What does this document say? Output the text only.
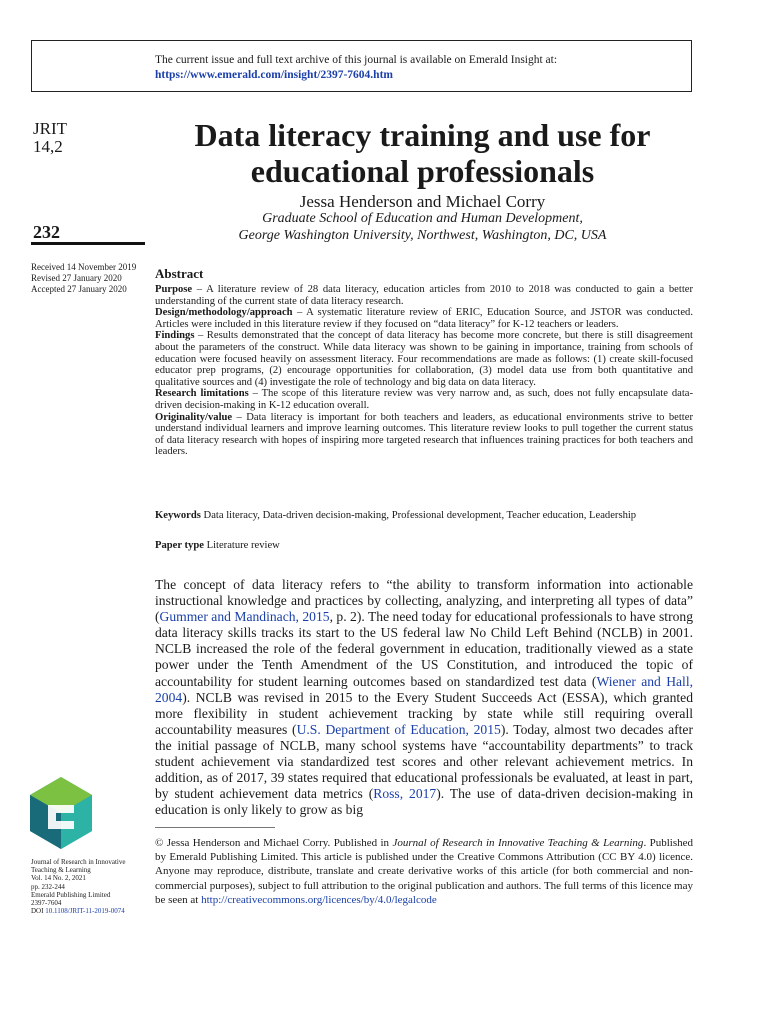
The current issue and full text archive of this journal is available on Emerald Insight at:
https://www.emerald.com/insight/2397-7604.htm
JRIT
14,2
232
Received 14 November 2019
Revised 27 January 2020
Accepted 27 January 2020
Data literacy training and use for
educational professionals
Jessa Henderson and Michael Corry
Graduate School of Education and Human Development,
George Washington University, Northwest, Washington, DC, USA
Abstract

Purpose – A literature review of 28 data literacy, education articles from 2010 to 2018 was conducted to gain a better understanding of the current state of data literacy research.

Design/methodology/approach – A systematic literature review of ERIC, Education Source, and JSTOR was conducted. Articles were included in this literature review if they focused on “data literacy” for K-12 teachers or leaders.

Findings – Results demonstrated that the concept of data literacy has become more concrete, but there is still disagreement about the parameters of the construct. While data literacy was shown to be gaining in importance, training from schools of education were focused heavily on assessment literacy. Four recommendations are made as follows: (1) create skill-focused educator prep programs, (2) encourage opportunities for collaboration, (3) model data use from both quantitative and qualitative sources and (4) investigate the role of technology and big data on data literacy.

Research limitations – The scope of this literature review was very narrow and, as such, does not fully encapsulate data-driven decision-making in K-12 education overall.

Originality/value – Data literacy is important for both teachers and leaders, as educational environments strive to better understand individual learners and improve learning outcomes. This literature review looks to pull together the current status of data literacy research with hopes of inspiring more targeted research that influences training practices for both teachers and leaders.

Keywords Data literacy, Data-driven decision-making, Professional development, Teacher education, Leadership
Paper type Literature review
The concept of data literacy refers to “the ability to transform information into actionable instructional knowledge and practices by collecting, analyzing, and interpreting all types of data” (Gummer and Mandinach, 2015, p. 2). The need today for educational professionals to have strong data literacy skills tracks its start to the US federal law No Child Left Behind (NCLB) in 2001. NCLB increased the role of the federal government in education, traditionally viewed as a state power under the Tenth Amendment of the US Constitution, and introduced the topic of accountability for student learning outcomes based on standardized test data (Wiener and Hall, 2004). NCLB was revised in 2015 to the Every Student Succeeds Act (ESSA), which granted more flexibility in student achievement tracking by state while still requiring overall accountability measures (U.S. Department of Education, 2015). Today, almost two decades after the initial passage of NCLB, many school systems have “accountability departments” to track student achievement via standardized test scores and other relevant achievement metrics. In addition, as of 2017, 39 states required that educational professionals be evaluated, at least in part, by student achievement data metrics (Ross, 2017). The use of data-driven decision-making in education is only likely to grow as big
© Jessa Henderson and Michael Corry. Published in Journal of Research in Innovative Teaching & Learning. Published by Emerald Publishing Limited. This article is published under the Creative Commons Attribution (CC BY 4.0) licence. Anyone may reproduce, distribute, translate and create derivative works of this article (for both commercial and non-commercial purposes), subject to full attribution to the original publication and authors. The full terms of this licence may be seen at http://creativecommons.org/licences/by/4.0/legalcode
Journal of Research in Innovative
Teaching & Learning
Vol. 14 No. 2, 2021
pp. 232-244
Emerald Publishing Limited
2397-7604
DOI 10.1108/JRIT-11-2019-0074
